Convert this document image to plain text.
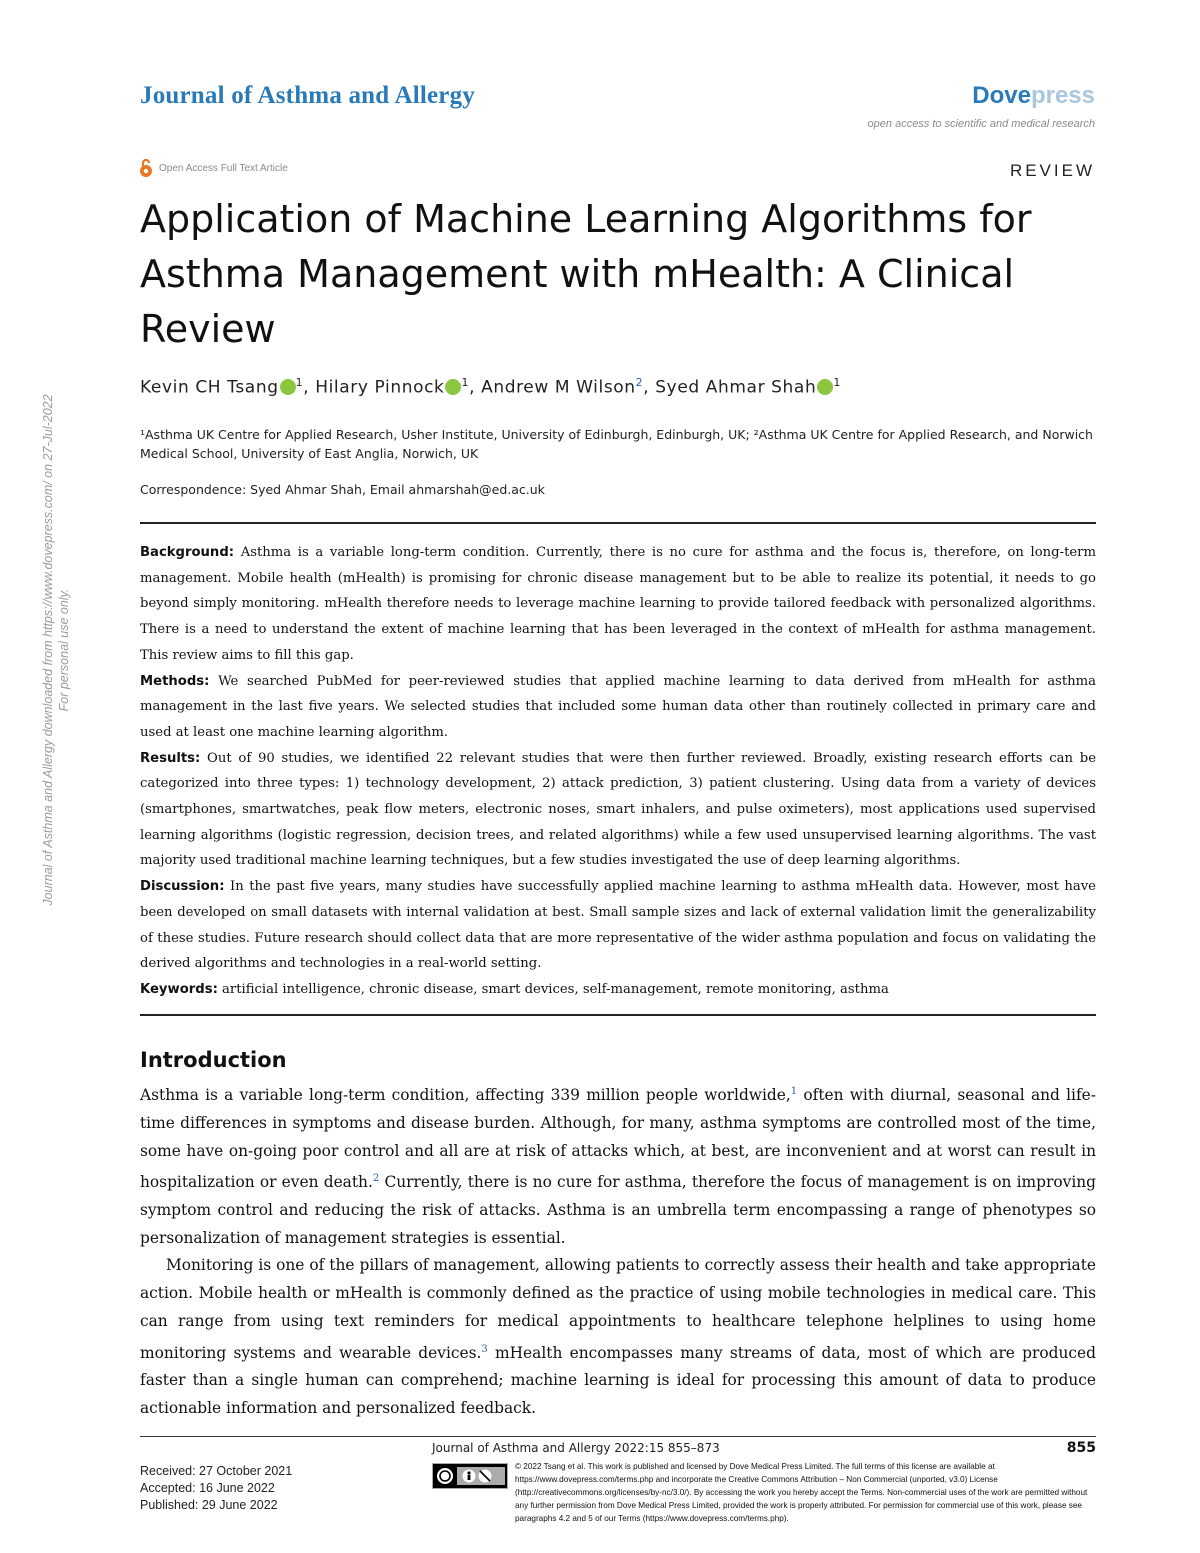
Journal of Asthma and Allergy downloaded from https://www.dovepress.com/ on 27-Jul-2022 For personal use only.
Journal of Asthma and Allergy	Dovepress
open access to scientific and medical research
Open Access Full Text Article	REVIEW
Application of Machine Learning Algorithms for Asthma Management with mHealth: A Clinical Review
Kevin CH Tsang $^1$, Hilary Pinnock $^1$, Andrew M Wilson$^2$, Syed Ahmar Shah $^1$
¹Asthma UK Centre for Applied Research, Usher Institute, University of Edinburgh, Edinburgh, UK; ²Asthma UK Centre for Applied Research, and Norwich Medical School, University of East Anglia, Norwich, UK
Correspondence: Syed Ahmar Shah, Email ahmarshah@ed.ac.uk

Background: Asthma is a variable long-term condition. Currently, there is no cure for asthma and the focus is, therefore, on long-term management. Mobile health (mHealth) is promising for chronic disease management but to be able to realize its potential, it needs to go beyond simply monitoring. mHealth therefore needs to leverage machine learning to provide tailored feedback with personalized algorithms. There is a need to understand the extent of machine learning that has been leveraged in the context of mHealth for asthma management. This review aims to fill this gap.

Methods: We searched PubMed for peer-reviewed studies that applied machine learning to data derived from mHealth for asthma management in the last five years. We selected studies that included some human data other than routinely collected in primary care and used at least one machine learning algorithm.

Results: Out of 90 studies, we identified 22 relevant studies that were then further reviewed. Broadly, existing research efforts can be categorized into three types: 1) technology development, 2) attack prediction, 3) patient clustering. Using data from a variety of devices (smartphones, smartwatches, peak flow meters, electronic noses, smart inhalers, and pulse oximeters), most applications used supervised learning algorithms (logistic regression, decision trees, and related algorithms) while a few used unsupervised learning algorithms. The vast majority used traditional machine learning techniques, but a few studies investigated the use of deep learning algorithms.

Discussion: In the past five years, many studies have successfully applied machine learning to asthma mHealth data. However, most have been developed on small datasets with internal validation at best. Small sample sizes and lack of external validation limit the generalizability of these studies. Future research should collect data that are more representative of the wider asthma population and focus on validating the derived algorithms and technologies in a real-world setting.

Keywords: artificial intelligence, chronic disease, smart devices, self-management, remote monitoring, asthma

Introduction

Asthma is a variable long-term condition, affecting 339 million people worldwide,$^1$ often with diurnal, seasonal and life-time differences in symptoms and disease burden. Although, for many, asthma symptoms are controlled most of the time, some have on-going poor control and all are at risk of attacks which, at best, are inconvenient and at worst can result in hospitalization or even death.$^2$ Currently, there is no cure for asthma, therefore the focus of management is on improving symptom control and reducing the risk of attacks. Asthma is an umbrella term encompassing a range of phenotypes so personalization of management strategies is essential.

Monitoring is one of the pillars of management, allowing patients to correctly assess their health and take appropriate action. Mobile health or mHealth is commonly defined as the practice of using mobile technologies in medical care. This can range from using text reminders for medical appointments to healthcare telephone helplines to using home monitoring systems and wearable devices.$^3$ mHealth encompasses many streams of data, most of which are produced faster than a single human can comprehend; machine learning is ideal for processing this amount of data to produce actionable information and personalized feedback.

Journal of Asthma and Allergy 2022:15 855–873	855
Received: 27 October 2021
Accepted: 16 June 2022
Published: 29 June 2022
© 2022 Tsang et al. This work is published and licensed by Dove Medical Press Limited. The full terms of this license are available at https://www.dovepress.com/terms.php and incorporate the Creative Commons Attribution – Non Commercial (unported, v3.0) License (http://creativecommons.org/licenses/by-nc/3.0/). By accessing the work you hereby accept the Terms. Non-commercial uses of the work are permitted without any further permission from Dove Medical Press Limited, provided the work is properly attributed. For permission for commercial use of this work, please see paragraphs 4.2 and 5 of our Terms (https://www.dovepress.com/terms.php).
